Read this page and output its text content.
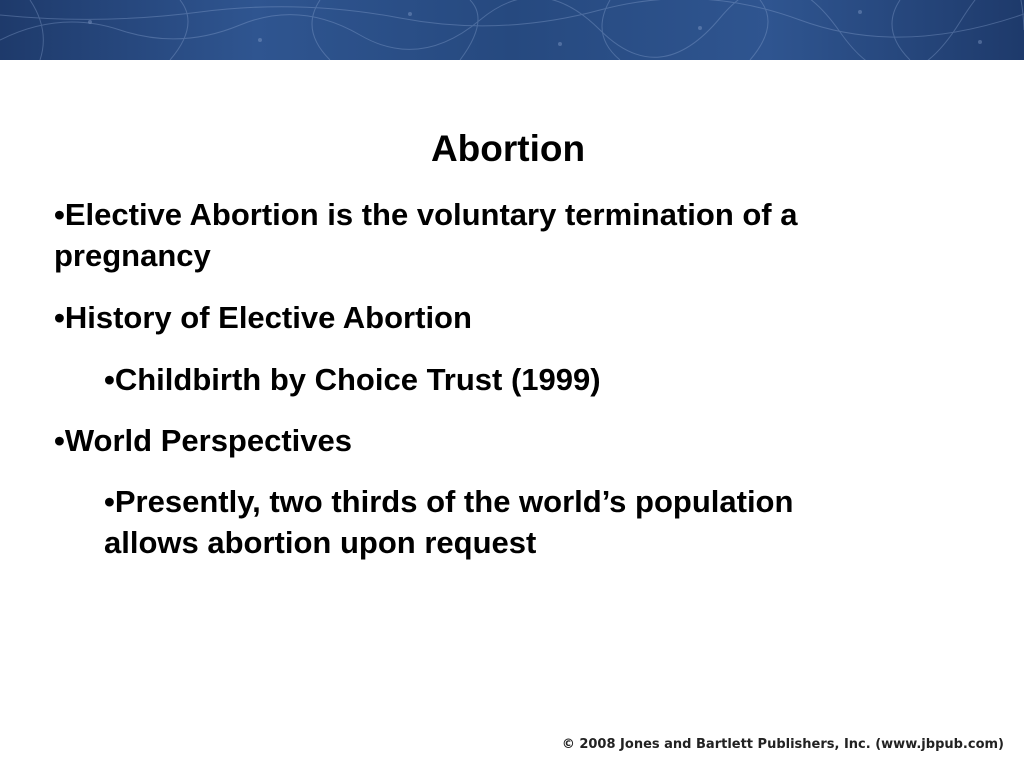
Abortion

•Elective Abortion is the voluntary termination of a pregnancy

•History of Elective Abortion

•Childbirth by Choice Trust (1999)

•World Perspectives

•Presently, two thirds of the world’s population allows abortion upon request

© 2008 Jones and Bartlett Publishers, Inc. (www.jbpub.com)
